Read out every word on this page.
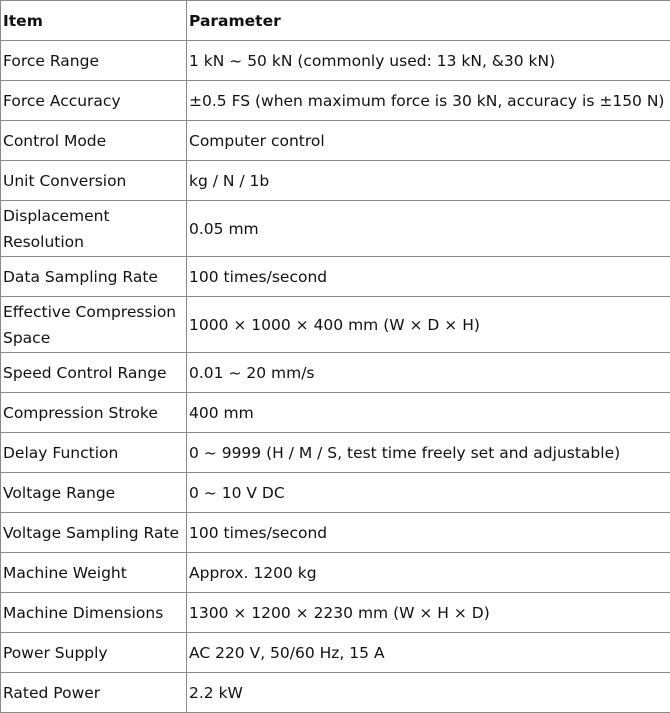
Item	Parameter
Force Range	1 kN ~ 50 kN (commonly used: 13 kN, &30 kN)
Force Accuracy	±0.5 FS (when maximum force is 30 kN, accuracy is ±150 N)
Control Mode	Computer control
Unit Conversion	kg / N / 1b
Displacement Resolution	0.05 mm
Data Sampling Rate	100 times/second
Effective Compression Space	1000 × 1000 × 400 mm (W × D × H)
Speed Control Range	0.01 ~ 20 mm/s
Compression Stroke	400 mm
Delay Function	0 ~ 9999 (H / M / S, test time freely set and adjustable)
Voltage Range	0 ~ 10 V DC
Voltage Sampling Rate	100 times/second
Machine Weight	Approx. 1200 kg
Machine Dimensions	1300 × 1200 × 2230 mm (W × H × D)
Power Supply	AC 220 V, 50/60 Hz, 15 A
Rated Power	2.2 kW
